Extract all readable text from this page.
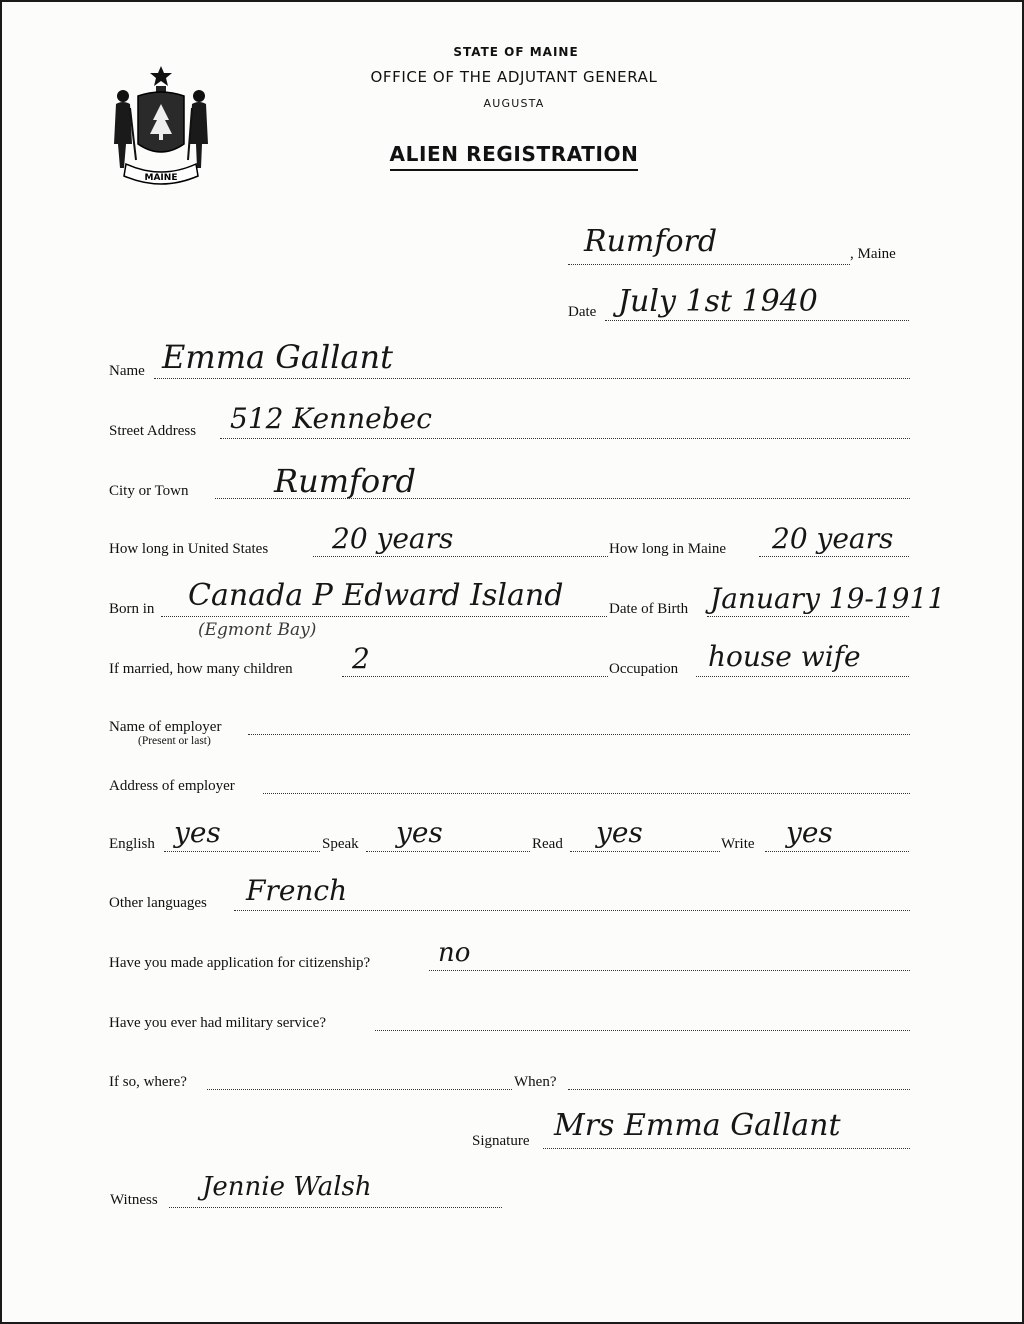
MAINE
STATE OF MAINE
OFFICE OF THE ADJUTANT GENERAL
AUGUSTA
ALIEN REGISTRATION
Rumford	, Maine
Date July 1st 1940
Name Emma Gallant
Street Address 512 Kennebec
City or Town	Rumford
How long in United States 20 years	How long in Maine 20 years
Born in Canada P Edward Island
(Egmont Bay)
Date of Birth January 19-1911
If married, how many children 2	Occupation house wife
Name of employer
(Present or last)
Address of employer
English yes	Speak yes	Read yes	Write yes
Other languages French
Have you made application for citizenship?	no
Have you ever had military service?
If so, where?	When?
Signature Mrs Emma Gallant
Witness Jennie Walsh
